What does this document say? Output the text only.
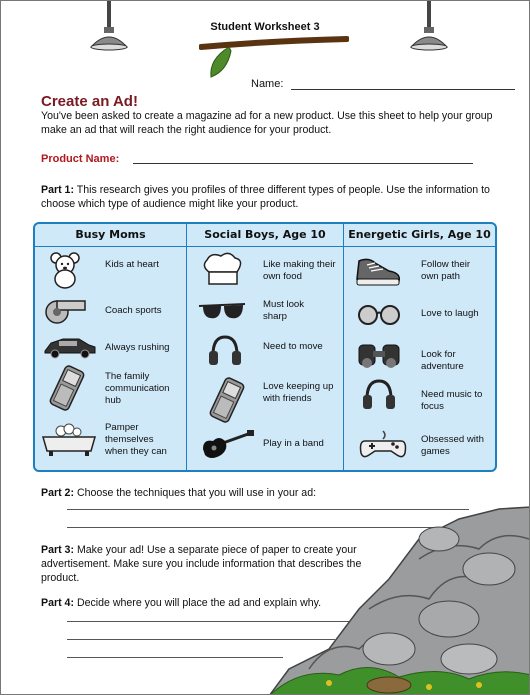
Student Worksheet 3
Name:
Create an Ad!
You've been asked to create a magazine ad for a new product. Use this sheet to help your group make an ad that will reach the right audience for your product.
Product Name:
Part 1: This research gives you profiles of three different types of people. Use the information to choose which type of audience might like your product.
Busy Moms	Social Boys, Age 10	Energetic Girls, Age 10
Kids at heart
Coach sports
Always rushing
The family communication hub
Pamper themselves when they can
Like making their own food
Must look sharp
Need to move
Love keeping up with friends
Play in a band
Follow their own path
Love to laugh
Look for adventure
Need music to focus
Obsessed with games
Part 2: Choose the techniques that you will use in your ad:
Part 3: Make your ad! Use a separate piece of paper to create your advertisement. Make sure you include information that describes the product.
Part 4: Decide where you will place the ad and explain why.
